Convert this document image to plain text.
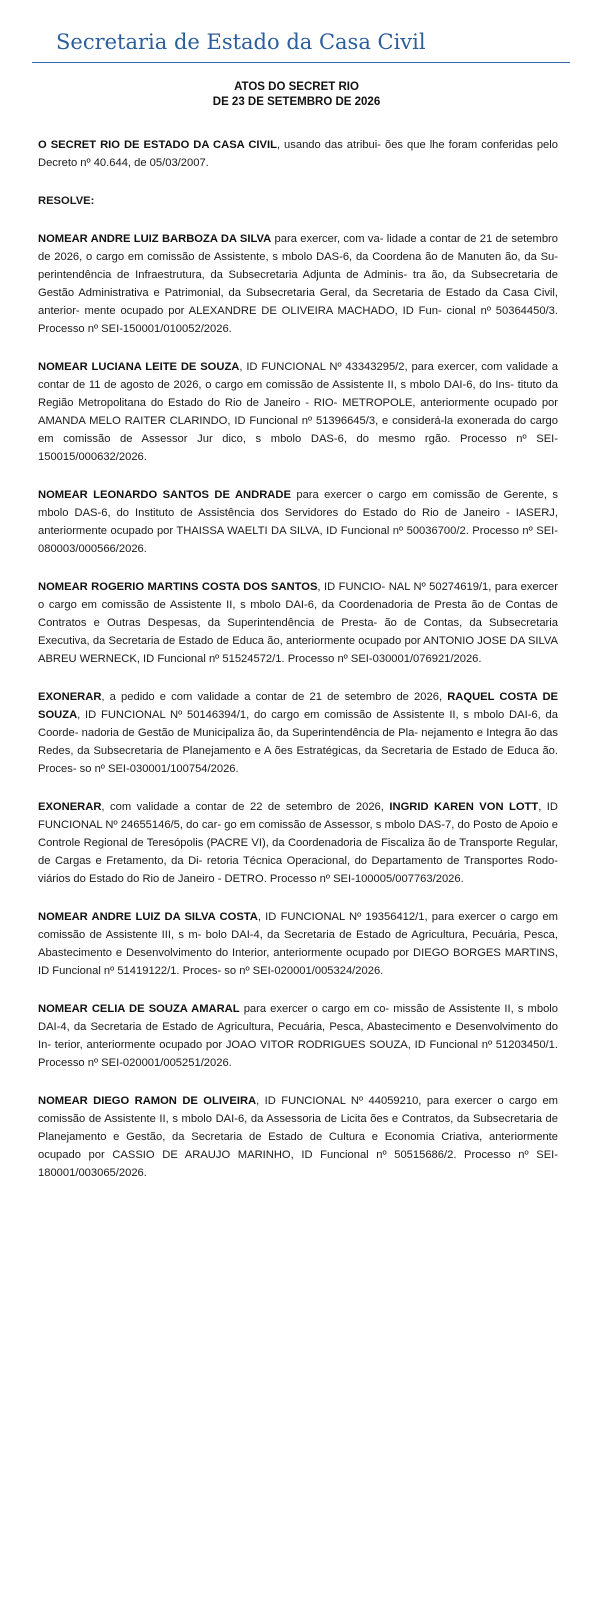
Secretaria de Estado da Casa Civil
ATOS DO SECRET RIO
DE 23 DE SETEMBRO DE 2026

O SECRET RIO DE ESTADO DA CASA CIVIL, usando das atribui- ões que lhe foram conferidas pelo Decreto nº 40.644, de 05/03/2007.

RESOLVE:

NOMEAR ANDRE LUIZ BARBOZA DA SILVA para exercer, com va- lidade a contar de 21 de setembro de 2026, o cargo em comissão de Assistente, s mbolo DAS-6, da Coordena ão de Manuten ão, da Su- perintendência de Infraestrutura, da Subsecretaria Adjunta de Adminis- tra ão, da Subsecretaria de Gestão Administrativa e Patrimonial, da Subsecretaria Geral, da Secretaria de Estado da Casa Civil, anterior- mente ocupado por ALEXANDRE DE OLIVEIRA MACHADO, ID Fun- cional nº 50364450/3. Processo nº SEI-150001/010052/2026.

NOMEAR LUCIANA LEITE DE SOUZA, ID FUNCIONAL Nº 43343295/2, para exercer, com validade a contar de 11 de agosto de 2026, o cargo em comissão de Assistente II, s mbolo DAI-6, do Ins- tituto da Região Metropolitana do Estado do Rio de Janeiro - RIO- METROPOLE, anteriormente ocupado por AMANDA MELO RAITER CLARINDO, ID Funcional nº 51396645/3, e considerá-la exonerada do cargo em comissão de Assessor Jur dico, s mbolo DAS-6, do mesmo rgão. Processo nº SEI-150015/000632/2026.

NOMEAR LEONARDO SANTOS DE ANDRADE para exercer o cargo em comissão de Gerente, s mbolo DAS-6, do Instituto de Assistência dos Servidores do Estado do Rio de Janeiro - IASERJ, anteriormente ocupado por THAISSA WAELTI DA SILVA, ID Funcional nº 50036700/2. Processo nº SEI-080003/000566/2026.

NOMEAR ROGERIO MARTINS COSTA DOS SANTOS, ID FUNCIO- NAL Nº 50274619/1, para exercer o cargo em comissão de Assistente II, s mbolo DAI-6, da Coordenadoria de Presta ão de Contas de Contratos e Outras Despesas, da Superintendência de Presta- ão de Contas, da Subsecretaria Executiva, da Secretaria de Estado de Educa ão, anteriormente ocupado por ANTONIO JOSE DA SILVA ABREU WERNECK, ID Funcional nº 51524572/1. Processo nº SEI-030001/076921/2026.

EXONERAR, a pedido e com validade a contar de 21 de setembro de 2026, RAQUEL COSTA DE SOUZA, ID FUNCIONAL Nº 50146394/1, do cargo em comissão de Assistente II, s mbolo DAI-6, da Coorde- nadoria de Gestão de Municipaliza ão, da Superintendência de Pla- nejamento e Integra ão das Redes, da Subsecretaria de Planejamento e A ões Estratégicas, da Secretaria de Estado de Educa ão. Proces- so nº SEI-030001/100754/2026.

EXONERAR, com validade a contar de 22 de setembro de 2026, INGRID KAREN VON LOTT, ID FUNCIONAL Nº 24655146/5, do car- go em comissão de Assessor, s mbolo DAS-7, do Posto de Apoio e Controle Regional de Teresópolis (PACRE VI), da Coordenadoria de Fiscaliza ão de Transporte Regular, de Cargas e Fretamento, da Di- retoria Técnica Operacional, do Departamento de Transportes Rodo- viários do Estado do Rio de Janeiro - DETRO. Processo nº SEI-100005/007763/2026.

NOMEAR ANDRE LUIZ DA SILVA COSTA, ID FUNCIONAL Nº 19356412/1, para exercer o cargo em comissão de Assistente III, s m- bolo DAI-4, da Secretaria de Estado de Agricultura, Pecuária, Pesca, Abastecimento e Desenvolvimento do Interior, anteriormente ocupado por DIEGO BORGES MARTINS, ID Funcional nº 51419122/1. Proces- so nº SEI-020001/005324/2026.

NOMEAR CELIA DE SOUZA AMARAL para exercer o cargo em co- missão de Assistente II, s mbolo DAI-4, da Secretaria de Estado de Agricultura, Pecuária, Pesca, Abastecimento e Desenvolvimento do In- terior, anteriormente ocupado por JOAO VITOR RODRIGUES SOUZA, ID Funcional nº 51203450/1. Processo nº SEI-020001/005251/2026.

NOMEAR DIEGO RAMON DE OLIVEIRA, ID FUNCIONAL Nº 44059210, para exercer o cargo em comissão de Assistente II, s mbolo DAI-6, da Assessoria de Licita ões e Contratos, da Subsecretaria de Planejamento e Gestão, da Secretaria de Estado de Cultura e Economia Criativa, anteriormente ocupado por CASSIO DE ARAUJO MARINHO, ID Funcional nº 50515686/2. Processo nº SEI-180001/003065/2026.
